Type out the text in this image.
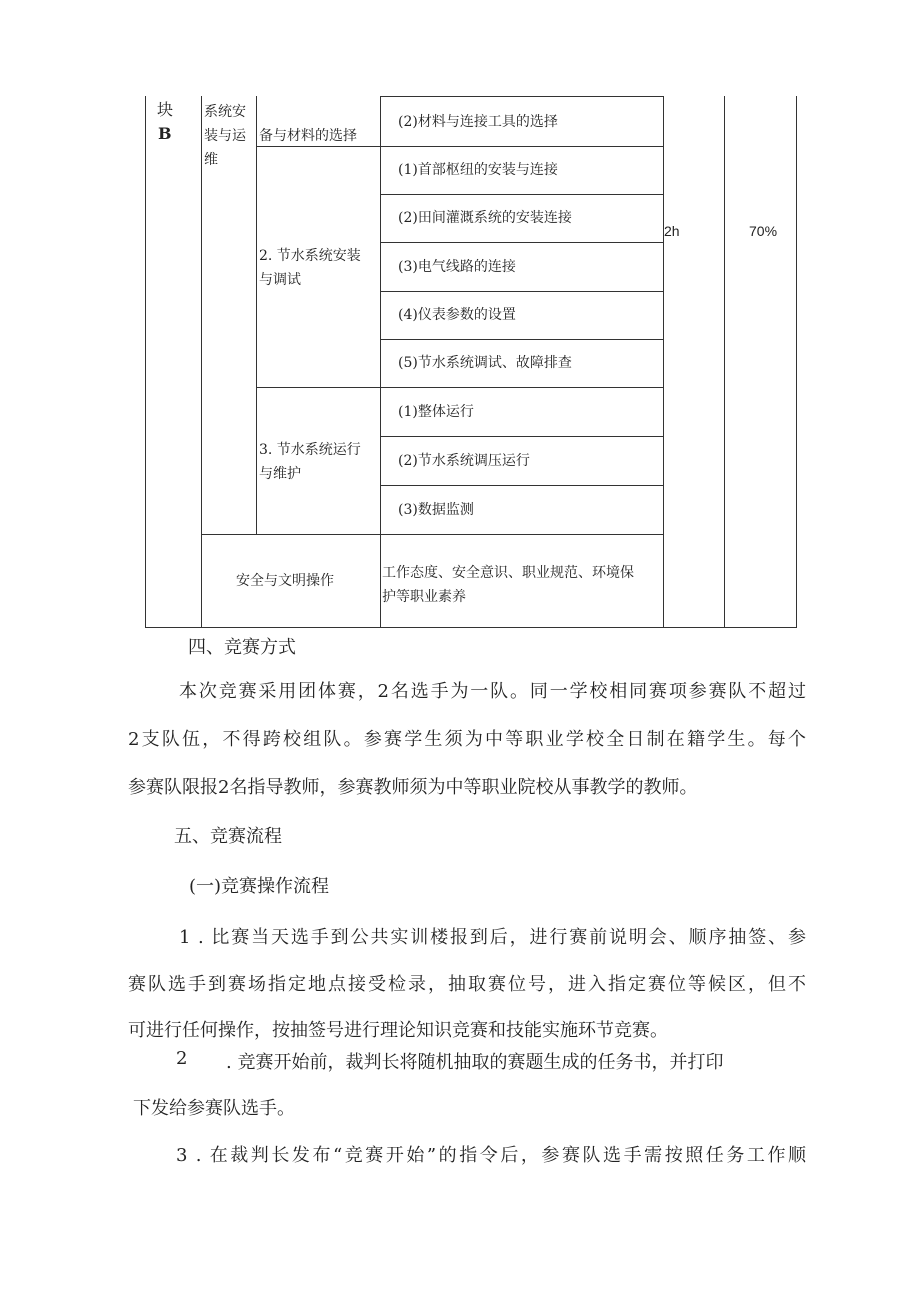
块
B
系统安
装与运
维
备与材料的选择
(2)材料与连接工具的选择
2. 节水系统安装
与调试
(1)首部枢纽的安装与连接
(2)田间灌溉系统的安装连接
(3)电气线路的连接
(4)仪表参数的设置
(5)节水系统调试、故障排查
3. 节水系统运行
与维护
(1)整体运行
(2)节水系统调压运行
(3)数据监测
安全与文明操作	工作态度、安全意识、职业规范、环境保
护等职业素养
2h	70%
四、竞赛方式
本次竞赛采用团体赛，2名选手为一队。同一学校相同赛项参赛队不超过
2支队伍，不得跨校组队。参赛学生须为中等职业学校全日制在籍学生。每个
参赛队限报2名指导教师，参赛教师须为中等职业院校从事教学的教师。
五、竞赛流程
(一)竞赛操作流程
1 . 比赛当天选手到公共实训楼报到后，进行赛前说明会、顺序抽签、参
赛队选手到赛场指定地点接受检录，抽取赛位号，进入指定赛位等候区，但不
可进行任何操作，按抽签号进行理论知识竞赛和技能实施环节竞赛。
2 . 竞赛开始前，裁判长将随机抽取的赛题生成的任务书，并打印
下发给参赛队选手。
3 . 在裁判长发布“竞赛开始”的指令后，参赛队选手需按照任务工作顺
